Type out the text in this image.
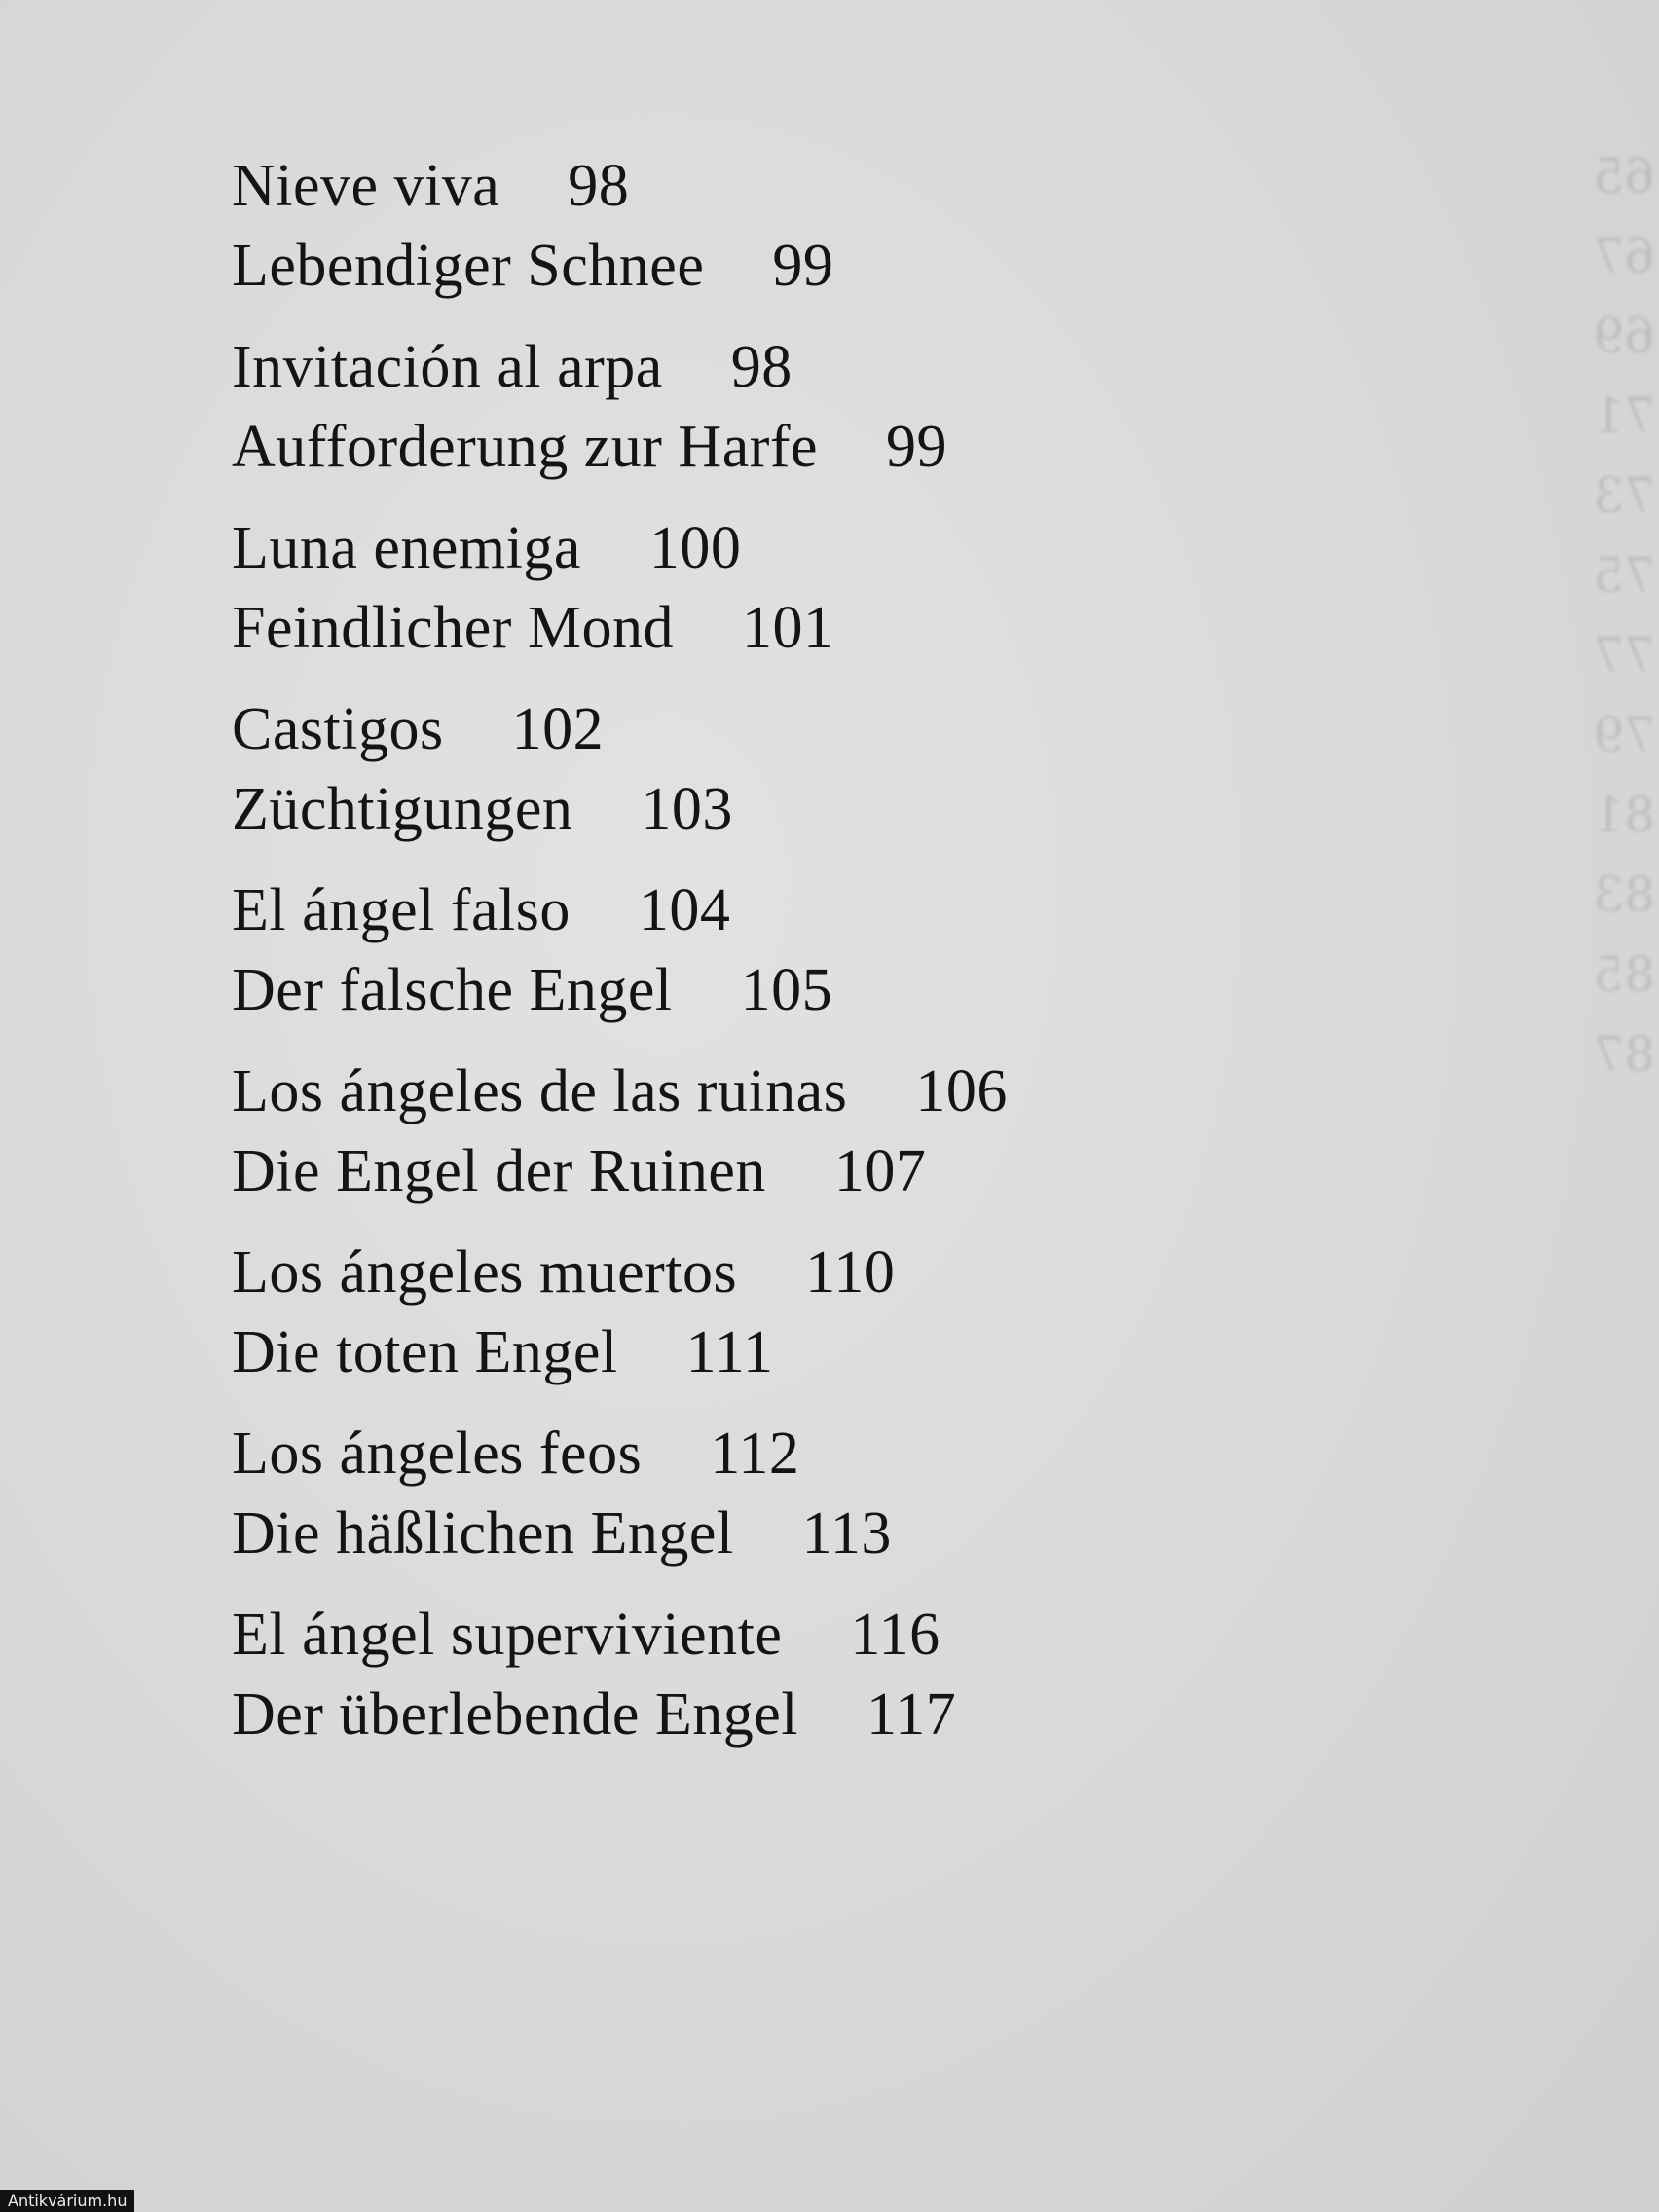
65
67
69
71
73
75
77
79
81
83
85
87
Nieve viva 98
Lebendiger Schnee 99
Invitación al arpa 98
Aufforderung zur Harfe 99
Luna enemiga 100
Feindlicher Mond 101
Castigos 102
Züchtigungen 103
El ángel falso 104
Der falsche Engel 105
Los ángeles de las ruinas 106
Die Engel der Ruinen 107
Los ángeles muertos 110
Die toten Engel 111
Los ángeles feos 112
Die häßlichen Engel 113
El ángel superviviente 116
Der überlebende Engel 117
Antikvárium.hu
